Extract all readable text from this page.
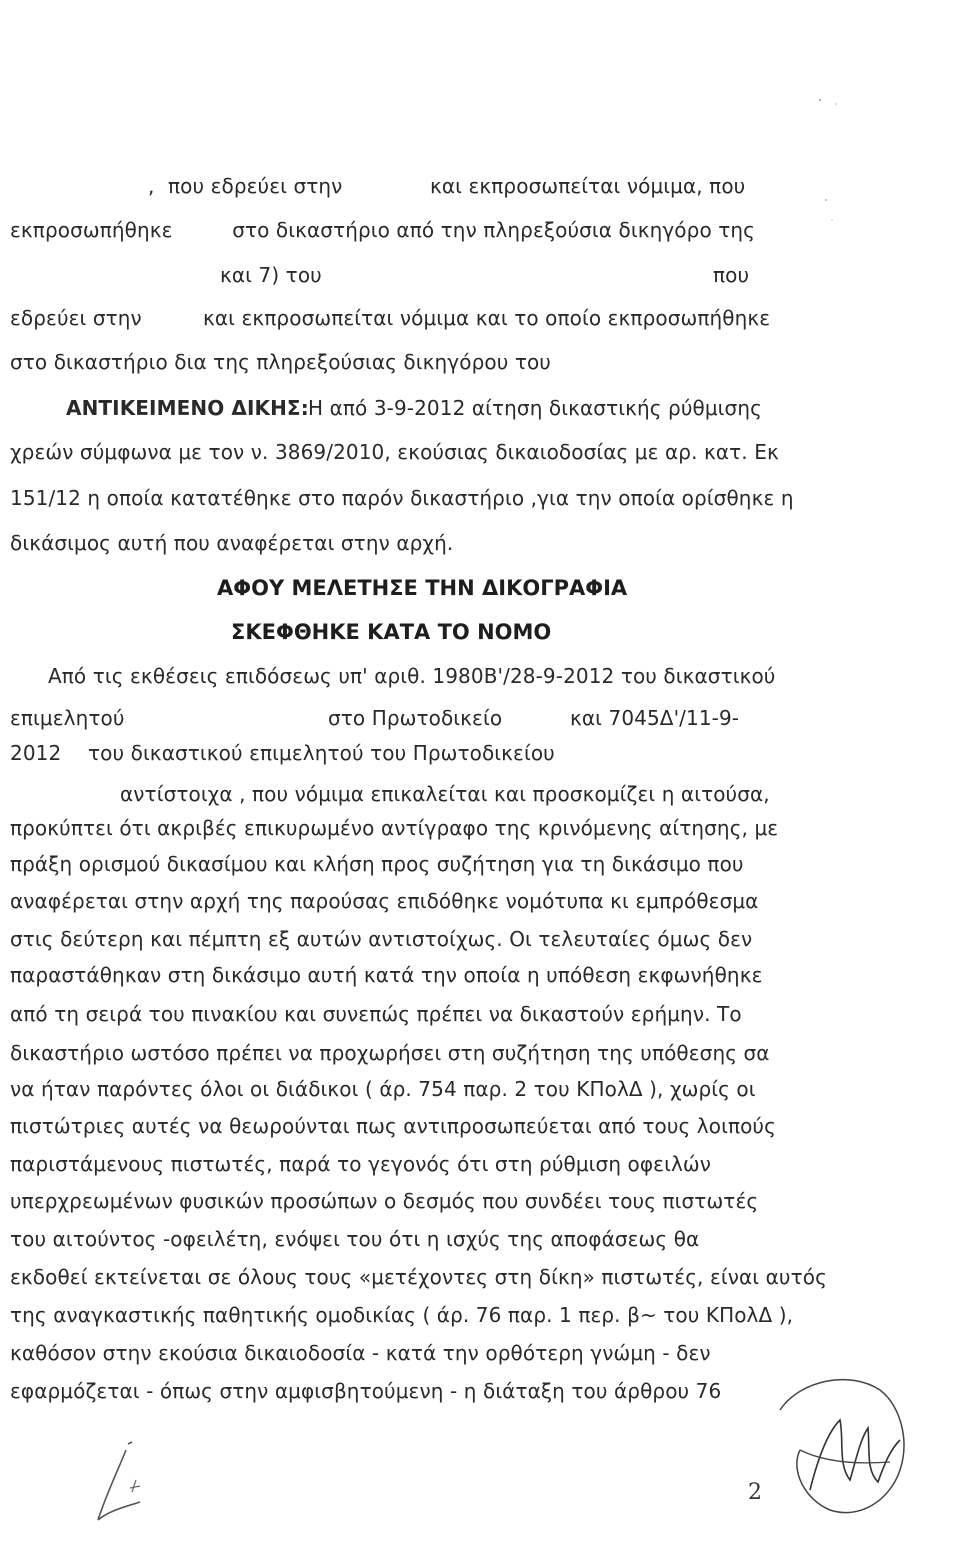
, που εδρεύει στην	και εκπροσωπείται νόμιμα, που
εκπροσωπήθηκε	στο δικαστήριο από την πληρεξούσια δικηγόρο της
και 7) του	που
εδρεύει στην	και εκπροσωπείται νόμιμα και το οποίο εκπροσωπήθηκε
στο δικαστήριο δια της πληρεξούσιας δικηγόρου του
ΑΝΤΙΚΕΙΜΕΝΟ ΔΙΚΗΣ: Η από 3-9-2012 αίτηση δικαστικής ρύθμισης
χρεών σύμφωνα με τον ν. 3869/2010, εκούσιας δικαιοδοσίας με αρ. κατ. Εκ
151/12 η οποία κατατέθηκε στο παρόν δικαστήριο ,για την οποία ορίσθηκε η
δικάσιμος αυτή που αναφέρεται στην αρχή.
ΑΦΟΥ ΜΕΛΕΤΗΣΕ ΤΗΝ ΔΙΚΟΓΡΑΦΙΑ
ΣΚΕΦΘΗΚΕ ΚΑΤΑ ΤΟ ΝΟΜΟ
Από τις εκθέσεις επιδόσεως υπ' αριθ. 1980Β'/28-9-2012 του δικαστικού
επιμελητού	στο Πρωτοδικείο	και 7045Δ'/11-9-
2012 του δικαστικού επιμελητού του Πρωτοδικείου
αντίστοιχα , που νόμιμα επικαλείται και προσκομίζει η αιτούσα,
προκύπτει ότι ακριβές επικυρωμένο αντίγραφο της κρινόμενης αίτησης, με
πράξη ορισμού δικασίμου και κλήση προς συζήτηση για τη δικάσιμο που
αναφέρεται στην αρχή της παρούσας επιδόθηκε νομότυπα κι εμπρόθεσμα
στις δεύτερη και πέμπτη εξ αυτών αντιστοίχως. Οι τελευταίες όμως δεν
παραστάθηκαν στη δικάσιμο αυτή κατά την οποία η υπόθεση εκφωνήθηκε
από τη σειρά του πινακίου και συνεπώς πρέπει να δικαστούν ερήμην. Το
δικαστήριο ωστόσο πρέπει να προχωρήσει στη συζήτηση της υπόθεσης σα
να ήταν παρόντες όλοι οι διάδικοι ( άρ. 754 παρ. 2 του ΚΠολΔ ), χωρίς οι
πιστώτριες αυτές να θεωρούνται πως αντιπροσωπεύεται από τους λοιπούς
παριστάμενους πιστωτές, παρά το γεγονός ότι στη ρύθμιση οφειλών
υπερχρεωμένων φυσικών προσώπων ο δεσμός που συνδέει τους πιστωτές
του αιτούντος -οφειλέτη, ενόψει του ότι η ισχύς της αποφάσεως θα
εκδοθεί εκτείνεται σε όλους τους «μετέχοντες στη δίκη» πιστωτές, είναι αυτός
της αναγκαστικής παθητικής ομοδικίας ( άρ. 76 παρ. 1 περ. β~ του ΚΠολΔ ),
καθόσον στην εκούσια δικαιοδοσία - κατά την ορθότερη γνώμη - δεν
εφαρμόζεται - όπως στην αμφισβητούμενη - η διάταξη του άρθρου 76
2
